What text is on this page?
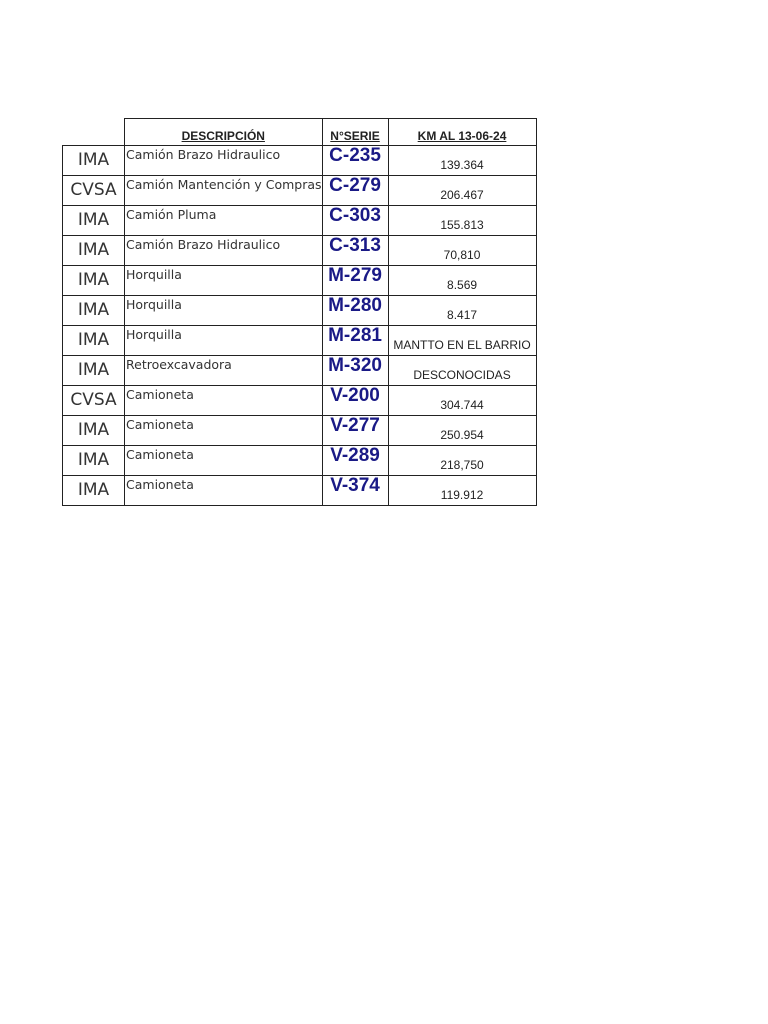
	DESCRIPCIÓN	N°SERIE	KM AL 13-06-24
IMA	Camión Brazo Hidraulico	C-235	139.364
CVSA	Camión Mantención y Compras	C-279	206.467
IMA	Camión Pluma	C-303	155.813
IMA	Camión Brazo Hidraulico	C-313	70,810
IMA	Horquilla	M-279	8.569
IMA	Horquilla	M-280	8.417
IMA	Horquilla	M-281	MANTTO EN EL BARRIO
IMA	Retroexcavadora	M-320	DESCONOCIDAS
CVSA	Camioneta	V-200	304.744
IMA	Camioneta	V-277	250.954
IMA	Camioneta	V-289	218,750
IMA	Camioneta	V-374	119.912
